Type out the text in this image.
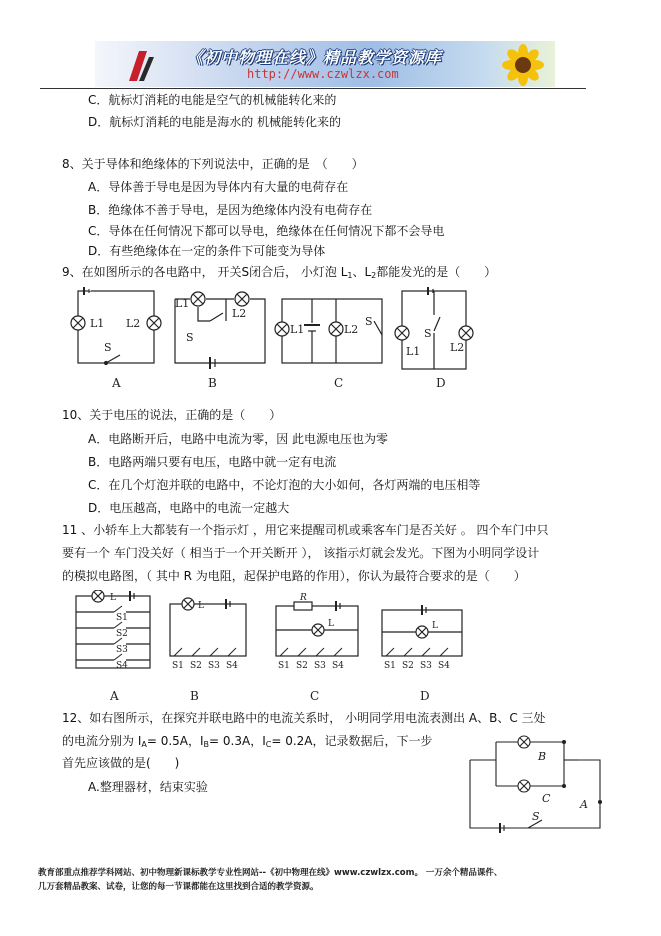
《初中物理在线》精品教学资源库
http://www.czwlzx.com
C．航标灯消耗的电能是空气的机械能转化来的
D．航标灯消耗的电能是海水的 机械能转化来的
8、关于导体和绝缘体的下列说法中，正确的是　（　　）
A．导体善于导电是因为导体内有大量的电荷存在
B．绝缘体不善于导电，是因为绝缘体内没有电荷存在
C．导体在任何情况下都可以导电，绝缘体在任何情况下都不会导电
D．有些绝缘体在一定的条件下可能变为导体
9、在如图所示的各电路中， 开关S闭合后， 小灯泡 $L_1$、$L_2$都能发光的是（　　）
L1 L2
S
L1
L2
S
L1	L2
S
L1	L2
S
A	B	C	D
10、关于电压的说法，正确的是（　　）
A．电路断开后，电路中电流为零，因 此电源电压也为零
B．电路两端只要有电压，电路中就一定有电流
C．在几个灯泡并联的电路中，不论灯泡的大小如何，各灯两端的电压相等
D．电压越高，电路中的电流一定越大
11 、小轿车上大都装有一个指示灯 ，用它来提醒司机或乘客车门是否关好 。 四个车门中只
要有一个 车门没关好（ 相当于一个开关断开 ）， 该指示灯就会发光。下图为小明同学设计
的模拟电路图，（ 其中 R 为电阻，起保护电路的作用），你认为最符合要求的是（　　）
L
S1
S2
S3
S4
L
S1 S2 S3 S4
R
L
S1 S2 S3 S4
L
S1 S2 S3 S4
A	B	C	D
12、如右图所示，在探究并联电路中的电流关系时， 小明同学用电流表测出 A、B、C 三处
的电流分别为 $I_A= 0.5A$，$I_B= 0.3A$，$I_C= 0.2A$，记录数据后，下一步
首先应该做的是(　　)
A.整理器材，结束实验
B
C	A
S
教育部重点推荐学科网站、初中物理新课标教学专业性网站--《初中物理在线》www.czwlzx.com。 一万余个精品课件、
几万套精品教案、试卷，让您的每一节课都能在这里找到合适的教学资源。
